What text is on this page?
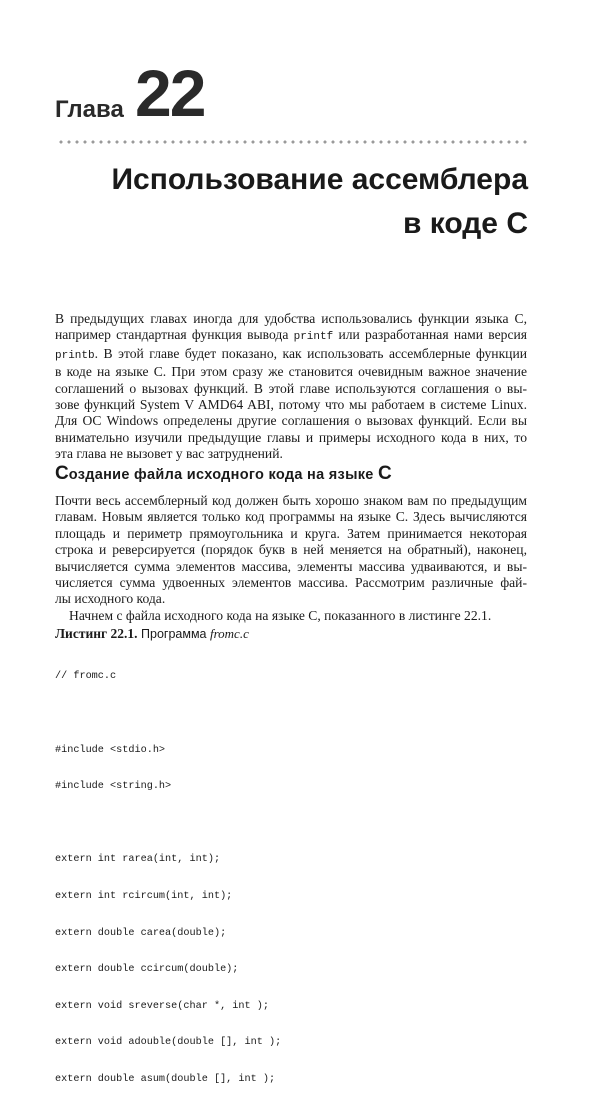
Глава 22
Использование ассемблера
в коде C
В предыдущих главах иногда для удобства использовались функции языка C,
например стандартная функция вывода printf или разработанная нами версия
printb. В этой главе будет показано, как использовать ассемблерные функции
в коде на языке C. При этом сразу же становится очевидным важное значение
соглашений о вызовах функций. В этой главе используются соглашения о вы-
зове функций System V AMD64 ABI, потому что мы работаем в системе Linux.
Для ОС Windows определены другие соглашения о вызовах функций. Если вы
внимательно изучили предыдущие главы и примеры исходного кода в них, то
эта глава не вызовет у вас затруднений.
Создание файла исходного кода на языке C
Почти весь ассемблерный код должен быть хорошо знаком вам по предыдущим
главам. Новым является только код программы на языке C. Здесь вычисляются
площадь и периметр прямоугольника и круга. Затем принимается некоторая
строка и реверсируется (порядок букв в ней меняется на обратный), наконец,
вычисляется сумма элементов массива, элементы массива удваиваются, и вы-
числяется сумма удвоенных элементов массива. Рассмотрим различные фай-
лы исходного кода.
Начнем с файла исходного кода на языке C, показанного в листинге 22.1.
Листинг 22.1. Программа fromc.c

// fromc.c

#include <stdio.h>

#include <string.h>

extern int rarea(int, int);

extern int rcircum(int, int);

extern double carea(double);

extern double ccircum(double);

extern void sreverse(char *, int );

extern void adouble(double [], int );

extern double asum(double [], int );
